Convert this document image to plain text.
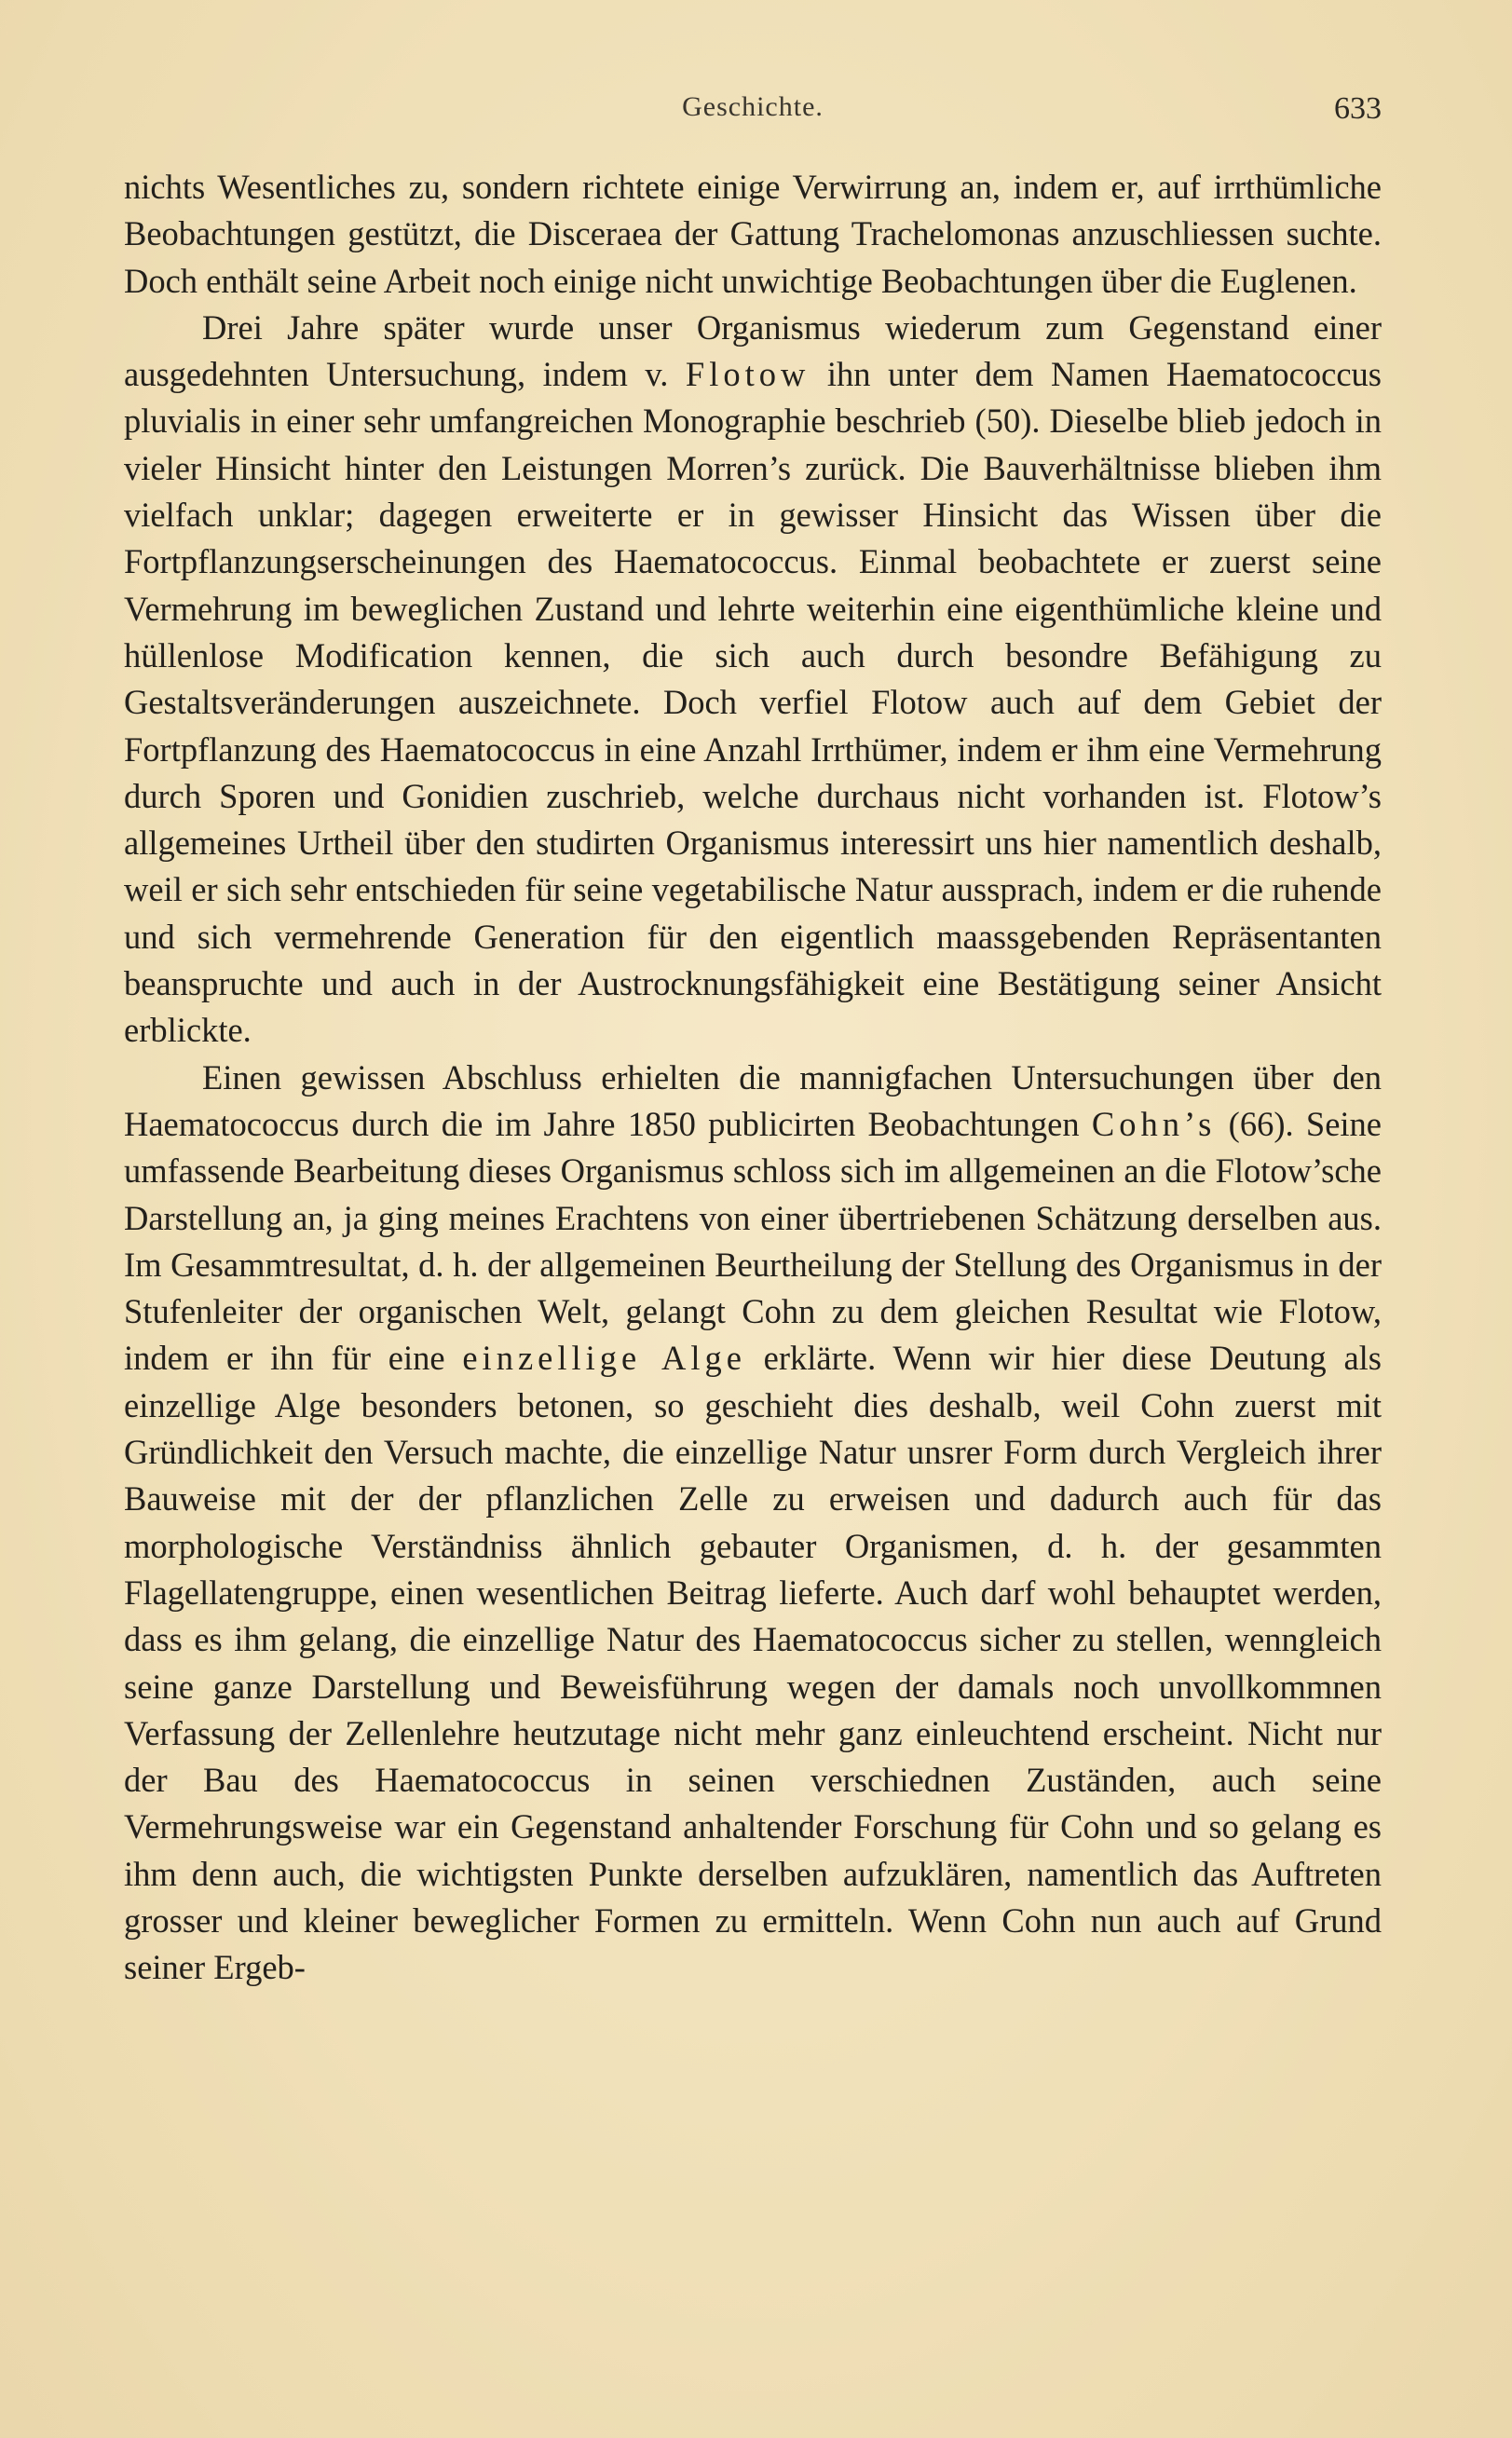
Geschichte.	633

nichts Wesentliches zu, sondern richtete einige Verwirrung an, indem er, auf irrthümliche Beobachtungen gestützt, die Disceraea der Gattung Trachelomonas anzuschliessen suchte. Doch enthält seine Arbeit noch einige nicht unwichtige Beobachtungen über die Euglenen.

Drei Jahre später wurde unser Organismus wiederum zum Gegenstand einer ausgedehnten Untersuchung, indem v. Flotow ihn unter dem Namen Haematococcus pluvialis in einer sehr umfangreichen Monographie beschrieb (50). Dieselbe blieb jedoch in vieler Hinsicht hinter den Leistungen Morren’s zurück. Die Bauverhältnisse blieben ihm vielfach unklar; dagegen erweiterte er in gewisser Hinsicht das Wissen über die Fortpflanzungserscheinungen des Haematococcus. Einmal beobachtete er zuerst seine Vermehrung im beweglichen Zustand und lehrte weiterhin eine eigenthümliche kleine und hüllenlose Modification kennen, die sich auch durch besondre Befähigung zu Gestaltsveränderungen auszeichnete. Doch verfiel Flotow auch auf dem Gebiet der Fortpflanzung des Haematococcus in eine Anzahl Irrthümer, indem er ihm eine Vermehrung durch Sporen und Gonidien zuschrieb, welche durchaus nicht vorhanden ist. Flotow’s allgemeines Urtheil über den studirten Organismus interessirt uns hier namentlich deshalb, weil er sich sehr entschieden für seine vegetabilische Natur aussprach, indem er die ruhende und sich vermehrende Generation für den eigentlich maassgebenden Repräsentanten beanspruchte und auch in der Austrocknungsfähigkeit eine Bestätigung seiner Ansicht erblickte.

Einen gewissen Abschluss erhielten die mannigfachen Untersuchungen über den Haematococcus durch die im Jahre 1850 publicirten Beobachtungen Cohn’s (66). Seine umfassende Bearbeitung dieses Organismus schloss sich im allgemeinen an die Flotow’sche Darstellung an, ja ging meines Erachtens von einer übertriebenen Schätzung derselben aus. Im Gesammtresultat, d. h. der allgemeinen Beurtheilung der Stellung des Organismus in der Stufenleiter der organischen Welt, gelangt Cohn zu dem gleichen Resultat wie Flotow, indem er ihn für eine einzellige Alge erklärte. Wenn wir hier diese Deutung als einzellige Alge besonders betonen, so geschieht dies deshalb, weil Cohn zuerst mit Gründlichkeit den Versuch machte, die einzellige Natur unsrer Form durch Vergleich ihrer Bauweise mit der der pflanzlichen Zelle zu erweisen und dadurch auch für das morphologische Verständniss ähnlich gebauter Organismen, d. h. der gesammten Flagellatengruppe, einen wesentlichen Beitrag lieferte. Auch darf wohl behauptet werden, dass es ihm gelang, die einzellige Natur des Haematococcus sicher zu stellen, wenngleich seine ganze Darstellung und Beweisführung wegen der damals noch unvollkommnen Verfassung der Zellenlehre heutzutage nicht mehr ganz einleuchtend erscheint. Nicht nur der Bau des Haematococcus in seinen verschiednen Zuständen, auch seine Vermehrungsweise war ein Gegenstand anhaltender Forschung für Cohn und so gelang es ihm denn auch, die wichtigsten Punkte derselben aufzuklären, namentlich das Auftreten grosser und kleiner beweglicher Formen zu ermitteln. Wenn Cohn nun auch auf Grund seiner Ergeb-
